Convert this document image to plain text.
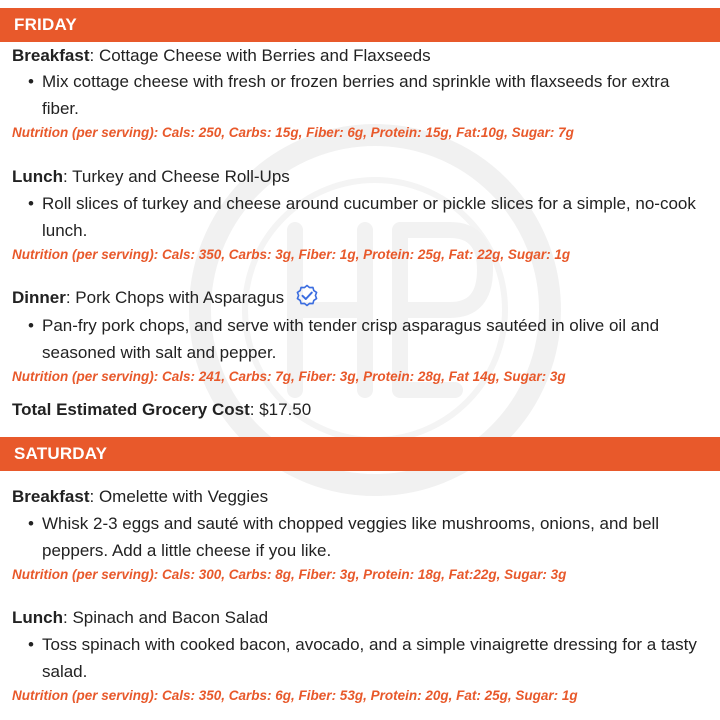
FRIDAY
Breakfast: Cottage Cheese with Berries and Flaxseeds
• Mix cottage cheese with fresh or frozen berries and sprinkle with flaxseeds for extra fiber.
Nutrition (per serving): Cals: 250, Carbs: 15g, Fiber: 6g, Protein: 15g, Fat:10g, Sugar: 7g
Lunch: Turkey and Cheese Roll-Ups
• Roll slices of turkey and cheese around cucumber or pickle slices for a simple, no-cook lunch.
Nutrition (per serving): Cals: 350, Carbs: 3g, Fiber: 1g, Protein: 25g, Fat: 22g, Sugar: 1g
Dinner: Pork Chops with Asparagus
• Pan-fry pork chops, and serve with tender crisp asparagus sautéed in olive oil and seasoned with salt and pepper.
Nutrition (per serving): Cals: 241, Carbs: 7g, Fiber: 3g, Protein: 28g, Fat 14g, Sugar: 3g
Total Estimated Grocery Cost: $17.50
SATURDAY
Breakfast: Omelette with Veggies
• Whisk 2-3 eggs and sauté with chopped veggies like mushrooms, onions, and bell peppers. Add a little cheese if you like.
Nutrition (per serving): Cals: 300, Carbs: 8g, Fiber: 3g, Protein: 18g, Fat:22g, Sugar: 3g
Lunch: Spinach and Bacon Salad
• Toss spinach with cooked bacon, avocado, and a simple vinaigrette dressing for a tasty salad.
Nutrition (per serving): Cals: 350, Carbs: 6g, Fiber: 53g, Protein: 20g, Fat: 25g, Sugar: 1g
